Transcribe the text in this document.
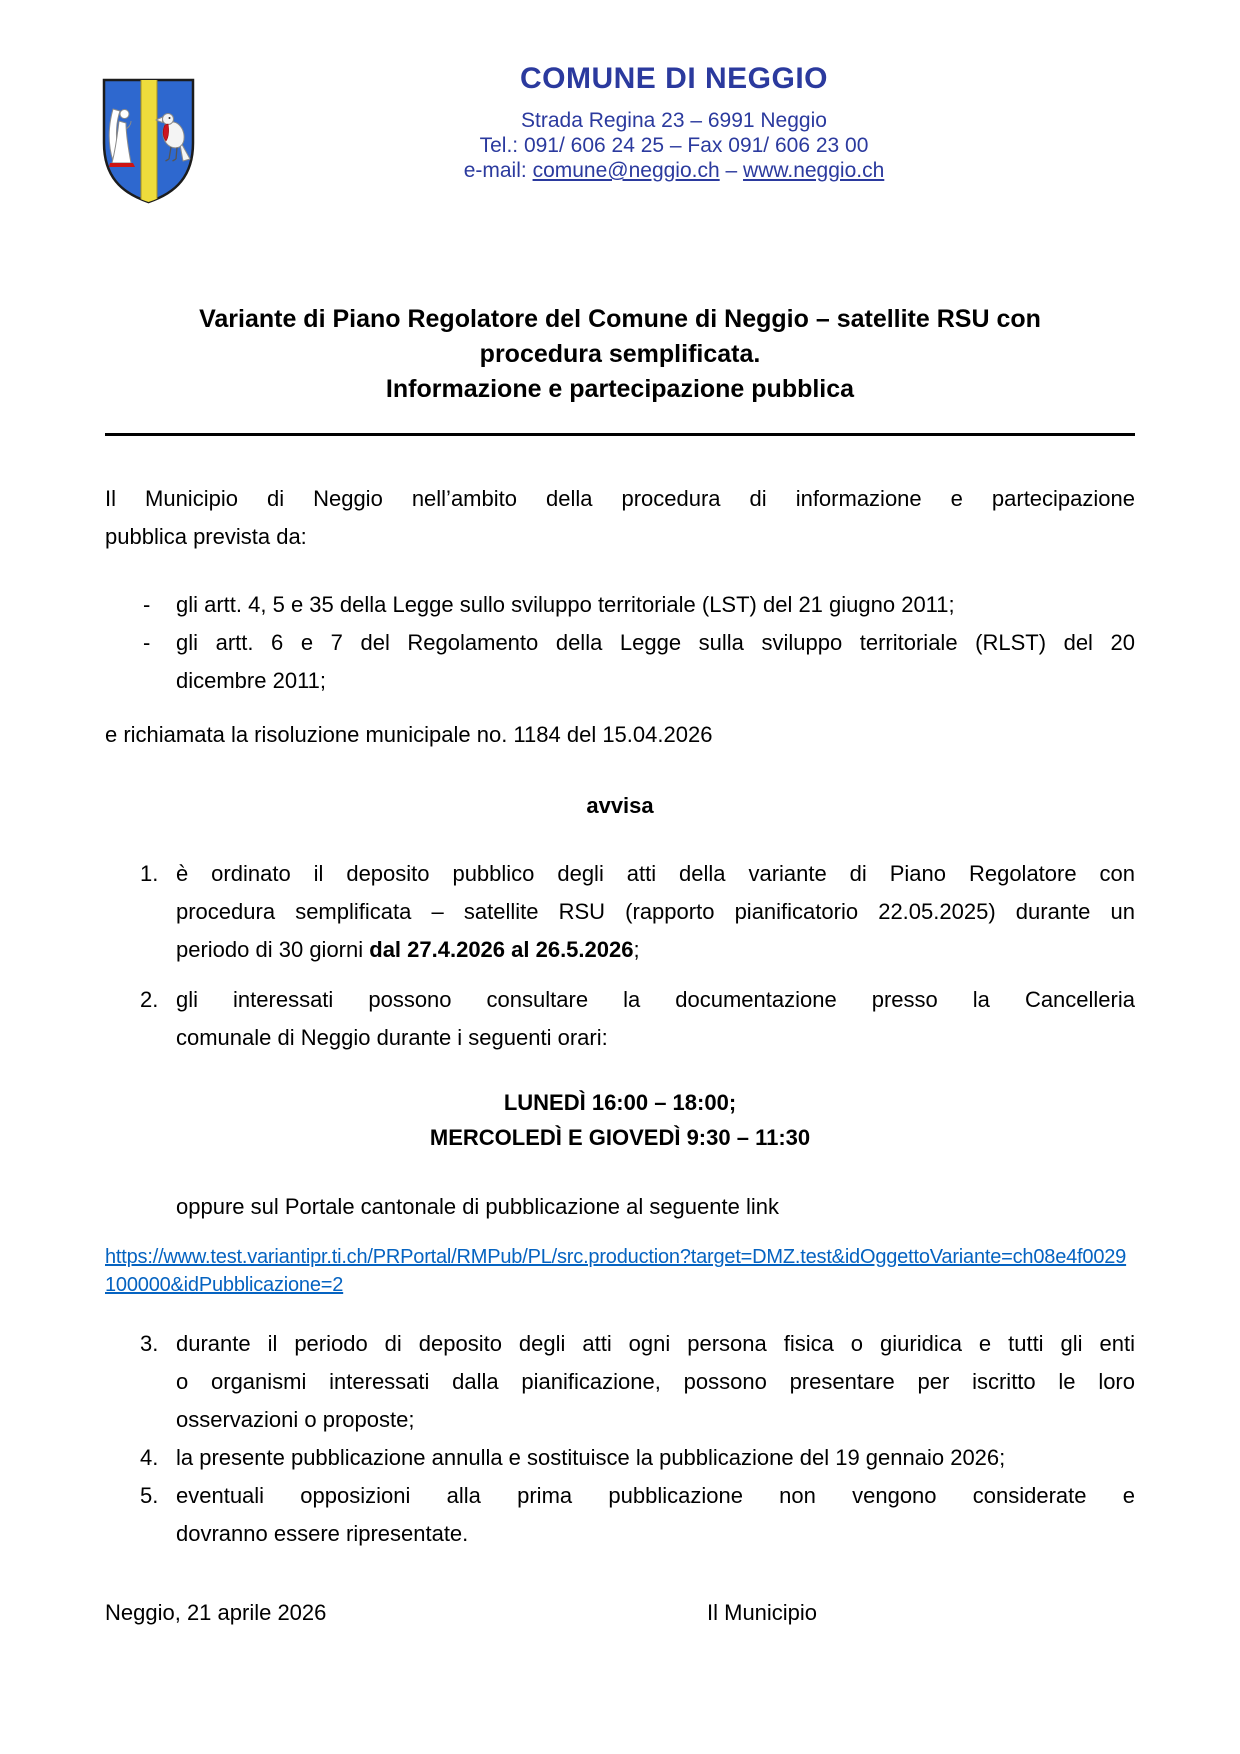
COMUNE DI NEGGIO
Strada Regina 23 – 6991 Neggio
Tel.: 091/ 606 24 25 – Fax 091/ 606 23 00
e-mail: comune@neggio.ch – www.neggio.ch
Variante di Piano Regolatore del Comune di Neggio – satellite RSU con
procedura semplificata.
Informazione e partecipazione pubblica
Il Municipio di Neggio nell’ambito della procedura di informazione e partecipazione
pubblica prevista da:
-	gli artt. 4, 5 e 35 della Legge sullo sviluppo territoriale (LST) del 21 giugno 2011;
-	gli artt. 6 e 7 del Regolamento della Legge sulla sviluppo territoriale (RLST) del 20
dicembre 2011;
e richiamata la risoluzione municipale no. 1184 del 15.04.2026
avvisa
1. è ordinato il deposito pubblico degli atti della variante di Piano Regolatore con
procedura semplificata – satellite RSU (rapporto pianificatorio 22.05.2025) durante un
periodo di 30 giorni dal 27.4.2026 al 26.5.2026;
2. gli interessati possono consultare la documentazione presso la Cancelleria
comunale di Neggio durante i seguenti orari:
LUNEDÌ 16:00 – 18:00;
MERCOLEDÌ E GIOVEDÌ 9:30 – 11:30
oppure sul Portale cantonale di pubblicazione al seguente link
https://www.test.variantipr.ti.ch/PRPortal/RMPub/PL/src.production?target=DMZ.test&idOggettoVariante=ch08e4f0029100000&idPubblicazione=2
3. durante il periodo di deposito degli atti ogni persona fisica o giuridica e tutti gli enti
o organismi interessati dalla pianificazione, possono presentare per iscritto le loro
osservazioni o proposte;
4. la presente pubblicazione annulla e sostituisce la pubblicazione del 19 gennaio 2026;
5. eventuali opposizioni alla prima pubblicazione non vengono considerate e
dovranno essere ripresentate.
Neggio, 21 aprile 2026	Il Municipio
